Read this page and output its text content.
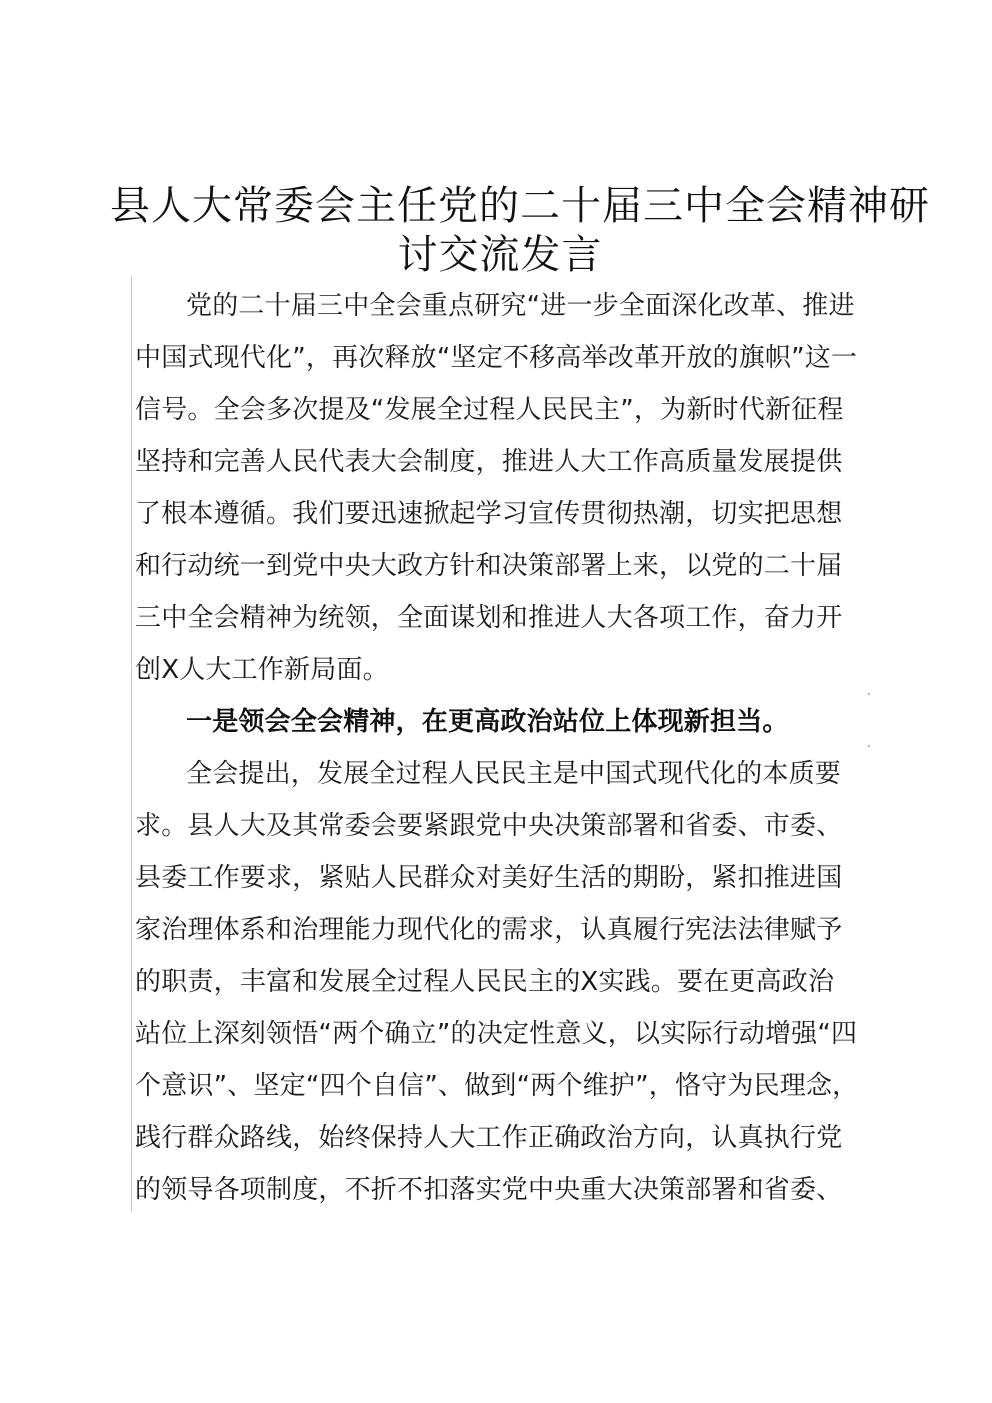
县人大常委会主任党的二十届三中全会精神研
讨交流发言
党的二十届三中全会重点研究“进一步全面深化改革、推进
中国式现代化”，再次释放“坚定不移高举改革开放的旗帜”这一
信号。全会多次提及“发展全过程人民民主”，为新时代新征程
坚持和完善人民代表大会制度，推进人大工作高质量发展提供
了根本遵循。我们要迅速掀起学习宣传贯彻热潮，切实把思想
和行动统一到党中央大政方针和决策部署上来，以党的二十届
三中全会精神为统领，全面谋划和推进人大各项工作，奋力开
创X人大工作新局面。
一是领会全会精神，在更高政治站位上体现新担当。
全会提出，发展全过程人民民主是中国式现代化的本质要
求。县人大及其常委会要紧跟党中央决策部署和省委、市委、
县委工作要求，紧贴人民群众对美好生活的期盼，紧扣推进国
家治理体系和治理能力现代化的需求，认真履行宪法法律赋予
的职责，丰富和发展全过程人民民主的X实践。要在更高政治
站位上深刻领悟“两个确立”的决定性意义，以实际行动增强“四
个意识”、坚定“四个自信”、做到“两个维护”，恪守为民理念，
践行群众路线，始终保持人大工作正确政治方向，认真执行党
的领导各项制度，不折不扣落实党中央重大决策部署和省委、
